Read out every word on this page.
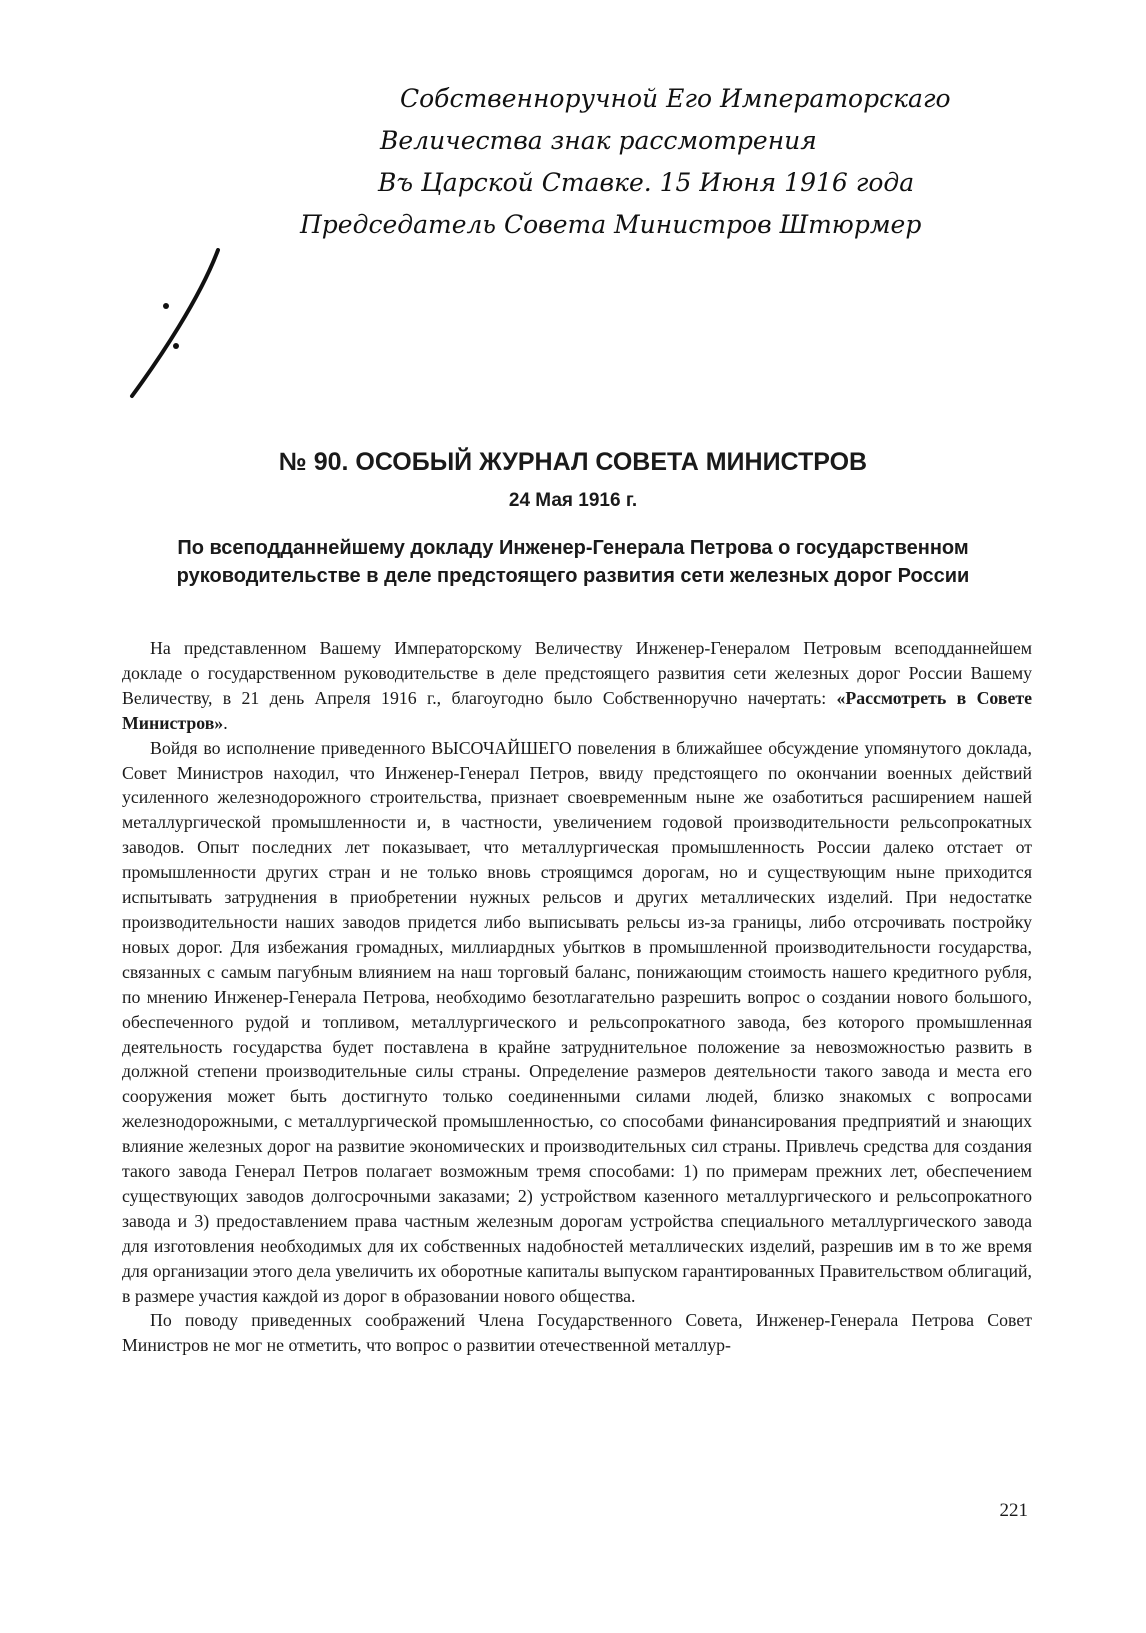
Собственноручной Его Императорскаго
Величества знак рассмотрения
Въ Царской Ставке. 15 Июня 1916 года
Председатель Совета Министров Штюрмер
№ 90. ОСОБЫЙ ЖУРНАЛ СОВЕТА МИНИСТРОВ
24 Мая 1916 г.
По всеподданнейшему докладу Инженер-Генерала Петрова о государственном руководительстве в деле предстоящего развития сети железных дорог России

На представленном Вашему Императорскому Величеству Инженер-Генералом Петровым всеподданнейшем докладе о государственном руководительстве в деле предстоящего развития сети железных дорог России Вашему Величеству, в 21 день Апреля 1916 г., благоугодно было Собственноручно начертать: «Рассмотреть в Совете Министров».

Войдя во исполнение приведенного ВЫСОЧАЙШЕГО повеления в ближайшее обсуждение упомянутого доклада, Совет Министров находил, что Инженер-Генерал Петров, ввиду предстоящего по окончании военных действий усиленного железнодорожного строительства, признает своевременным ныне же озаботиться расширением нашей металлургической промышленности и, в частности, увеличением годовой производительности рельсопрокатных заводов. Опыт последних лет показывает, что металлургическая промышленность России далеко отстает от промышленности других стран и не только вновь строящимся дорогам, но и существующим ныне приходится испытывать затруднения в приобретении нужных рельсов и других металлических изделий. При недостатке производительности наших заводов придется либо выписывать рельсы из-за границы, либо отсрочивать постройку новых дорог. Для избежания громадных, миллиардных убытков в промышленной производительности государства, связанных с самым пагубным влиянием на наш торговый баланс, понижающим стоимость нашего кредитного рубля, по мнению Инженер-Генерала Петрова, необходимо безотлагательно разрешить вопрос о создании нового большого, обеспеченного рудой и топливом, металлургического и рельсопрокатного завода, без которого промышленная деятельность государства будет поставлена в крайне затруднительное положение за невозможностью развить в должной степени производительные силы страны. Определение размеров деятельности такого завода и места его сооружения может быть достигнуто только соединенными силами людей, близко знакомых с вопросами железнодорожными, с металлургической промышленностью, со способами финансирования предприятий и знающих влияние железных дорог на развитие экономических и производительных сил страны. Привлечь средства для создания такого завода Генерал Петров полагает возможным тремя способами: 1) по примерам прежних лет, обеспечением существующих заводов долгосрочными заказами; 2) устройством казенного металлургического и рельсопрокатного завода и 3) предоставлением права частным железным дорогам устройства специального металлургического завода для изготовления необходимых для их собственных надобностей металлических изделий, разрешив им в то же время для организации этого дела увеличить их оборотные капиталы выпуском гарантированных Правительством облигаций, в размере участия каждой из дорог в образовании нового общества.

По поводу приведенных соображений Члена Государственного Совета, Инженер-Генерала Петрова Совет Министров не мог не отметить, что вопрос о развитии отечественной металлур-

221
